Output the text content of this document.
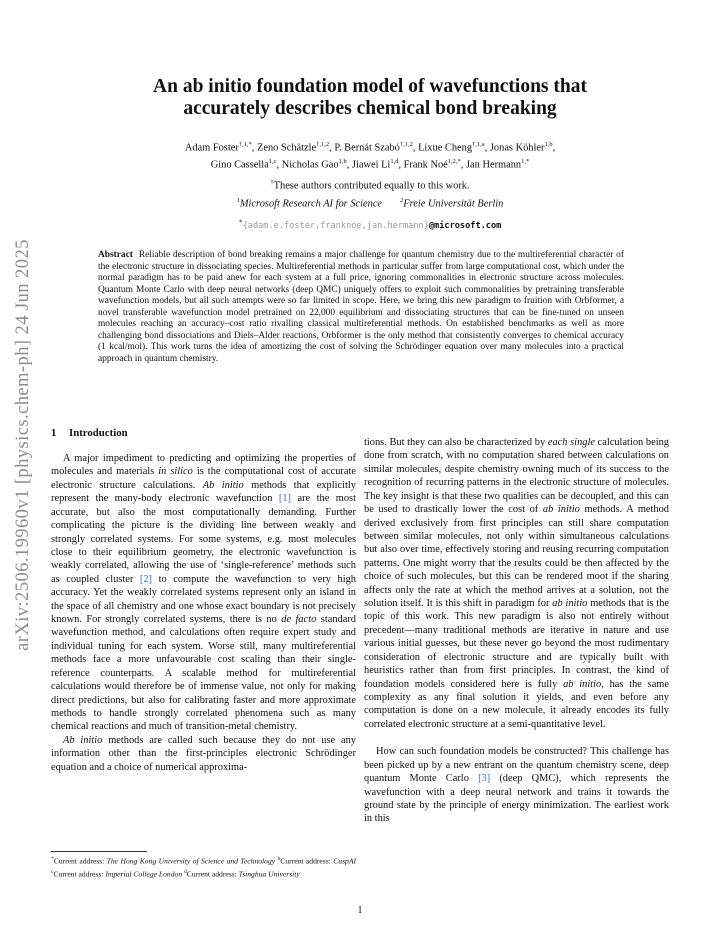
arXiv:2506.19960v1 [physics.chem-ph] 24 Jun 2025
An ab initio foundation model of wavefunctions that
accurately describes chemical bond breaking
Adam Foster$^{\dagger,1,*}$, Zeno Schätzle$^{\dagger,1,2}$, P. Bernát Szabó$^{\dagger,1,2}$, Lixue Cheng$^{\dagger,1,a}$, Jonas Köhler$^{1,b}$,
Gino Cassella$^{1,c}$, Nicholas Gao$^{1,b}$, Jiawei Li$^{1,d}$, Frank Noé$^{1,2,*}$, Jan Hermann$^{1,*}$
†These authors contributed equally to this work.
$^1$Microsoft Research AI for Science	$^2$Freie Universität Berlin
*{adam.e.foster,franknoe,jan.hermann}@microsoft.com
Abstract Reliable description of bond breaking remains a major challenge for quantum chemistry due to the multireferential character of the electronic structure in dissociating species. Multireferential methods in particular suffer from large computational cost, which under the normal paradigm has to be paid anew for each system at a full price, ignoring commonalities in electronic structure across molecules. Quantum Monte Carlo with deep neural networks (deep QMC) uniquely offers to exploit such commonalities by pretraining transferable wavefunction models, but all such attempts were so far limited in scope. Here, we bring this new paradigm to fruition with Orbformer, a novel transferable wavefunction model pretrained on 22,000 equilibrium and dissociating structures that can be fine-tuned on unseen molecules reaching an accuracy–cost ratio rivalling classical multireferential methods. On established benchmarks as well as more challenging bond dissociations and Diels–Alder reactions, Orbformer is the only method that consistently converges to chemical accuracy (1 kcal/mol). This work turns the idea of amortizing the cost of solving the Schrödinger equation over many molecules into a practical approach in quantum chemistry.
1 Introduction

A major impediment to predicting and optimizing the properties of molecules and materials in silico is the computational cost of accurate electronic structure calculations. Ab initio methods that explicitly represent the many-body electronic wavefunction [1] are the most accurate, but also the most computationally demanding. Further complicating the picture is the dividing line between weakly and strongly correlated systems. For some systems, e.g. most molecules close to their equilibrium geometry, the electronic wavefunction is weakly correlated, allowing the use of ‘single-reference’ methods such as coupled cluster [2] to compute the wavefunction to very high accuracy. Yet the weakly correlated systems represent only an island in the space of all chemistry and one whose exact boundary is not precisely known. For strongly correlated systems, there is no de facto standard wavefunction method, and calculations often require expert study and individual tuning for each system. Worse still, many multireferential methods face a more unfavourable cost scaling than their single-reference counterparts. A scalable method for multireferential calculations would therefore be of immense value, not only for making direct predictions, but also for calibrating faster and more approximate methods to handle strongly correlated phenomena such as many chemical reactions and much of transition-metal chemistry.

Ab initio methods are called such because they do not use any information other than the first-principles electronic Schrödinger equation and a choice of numerical approxima-

tions. But they can also be characterized by each single calculation being done from scratch, with no computation shared between calculations on similar molecules, despite chemistry owning much of its success to the recognition of recurring patterns in the electronic structure of molecules. The key insight is that these two qualities can be decoupled, and this can be used to drastically lower the cost of ab initio methods. A method derived exclusively from first principles can still share computation between similar molecules, not only within simultaneous calculations but also over time, effectively storing and reusing recurring computation patterns. One might worry that the results could be then affected by the choice of such molecules, but this can be rendered moot if the sharing affects only the rate at which the method arrives at a solution, not the solution itself. It is this shift in paradigm for ab initio methods that is the topic of this work. This new paradigm is also not entirely without precedent—many traditional methods are iterative in nature and use various initial guesses, but these never go beyond the most rudimentary consideration of electronic structure and are typically built with heuristics rather than from first principles. In contrast, the kind of foundation models considered here is fully ab initio, has the same complexity as any final solution it yields, and even before any computation is done on a new molecule, it already encodes its fully correlated electronic structure at a semi-quantitative level.

How can such foundation models be constructed? This challenge has been picked up by a new entrant on the quantum chemistry scene, deep quantum Monte Carlo [3] (deep QMC), which represents the wavefunction with a deep neural network and trains it towards the ground state by the principle of energy minimization. The earliest work in this

*Current address: The Hong Kong University of Science and Technology $^b$Current address: CuspAI $^c$Current address: Imperial College London $^d$Current address: Tsinghua University
1
